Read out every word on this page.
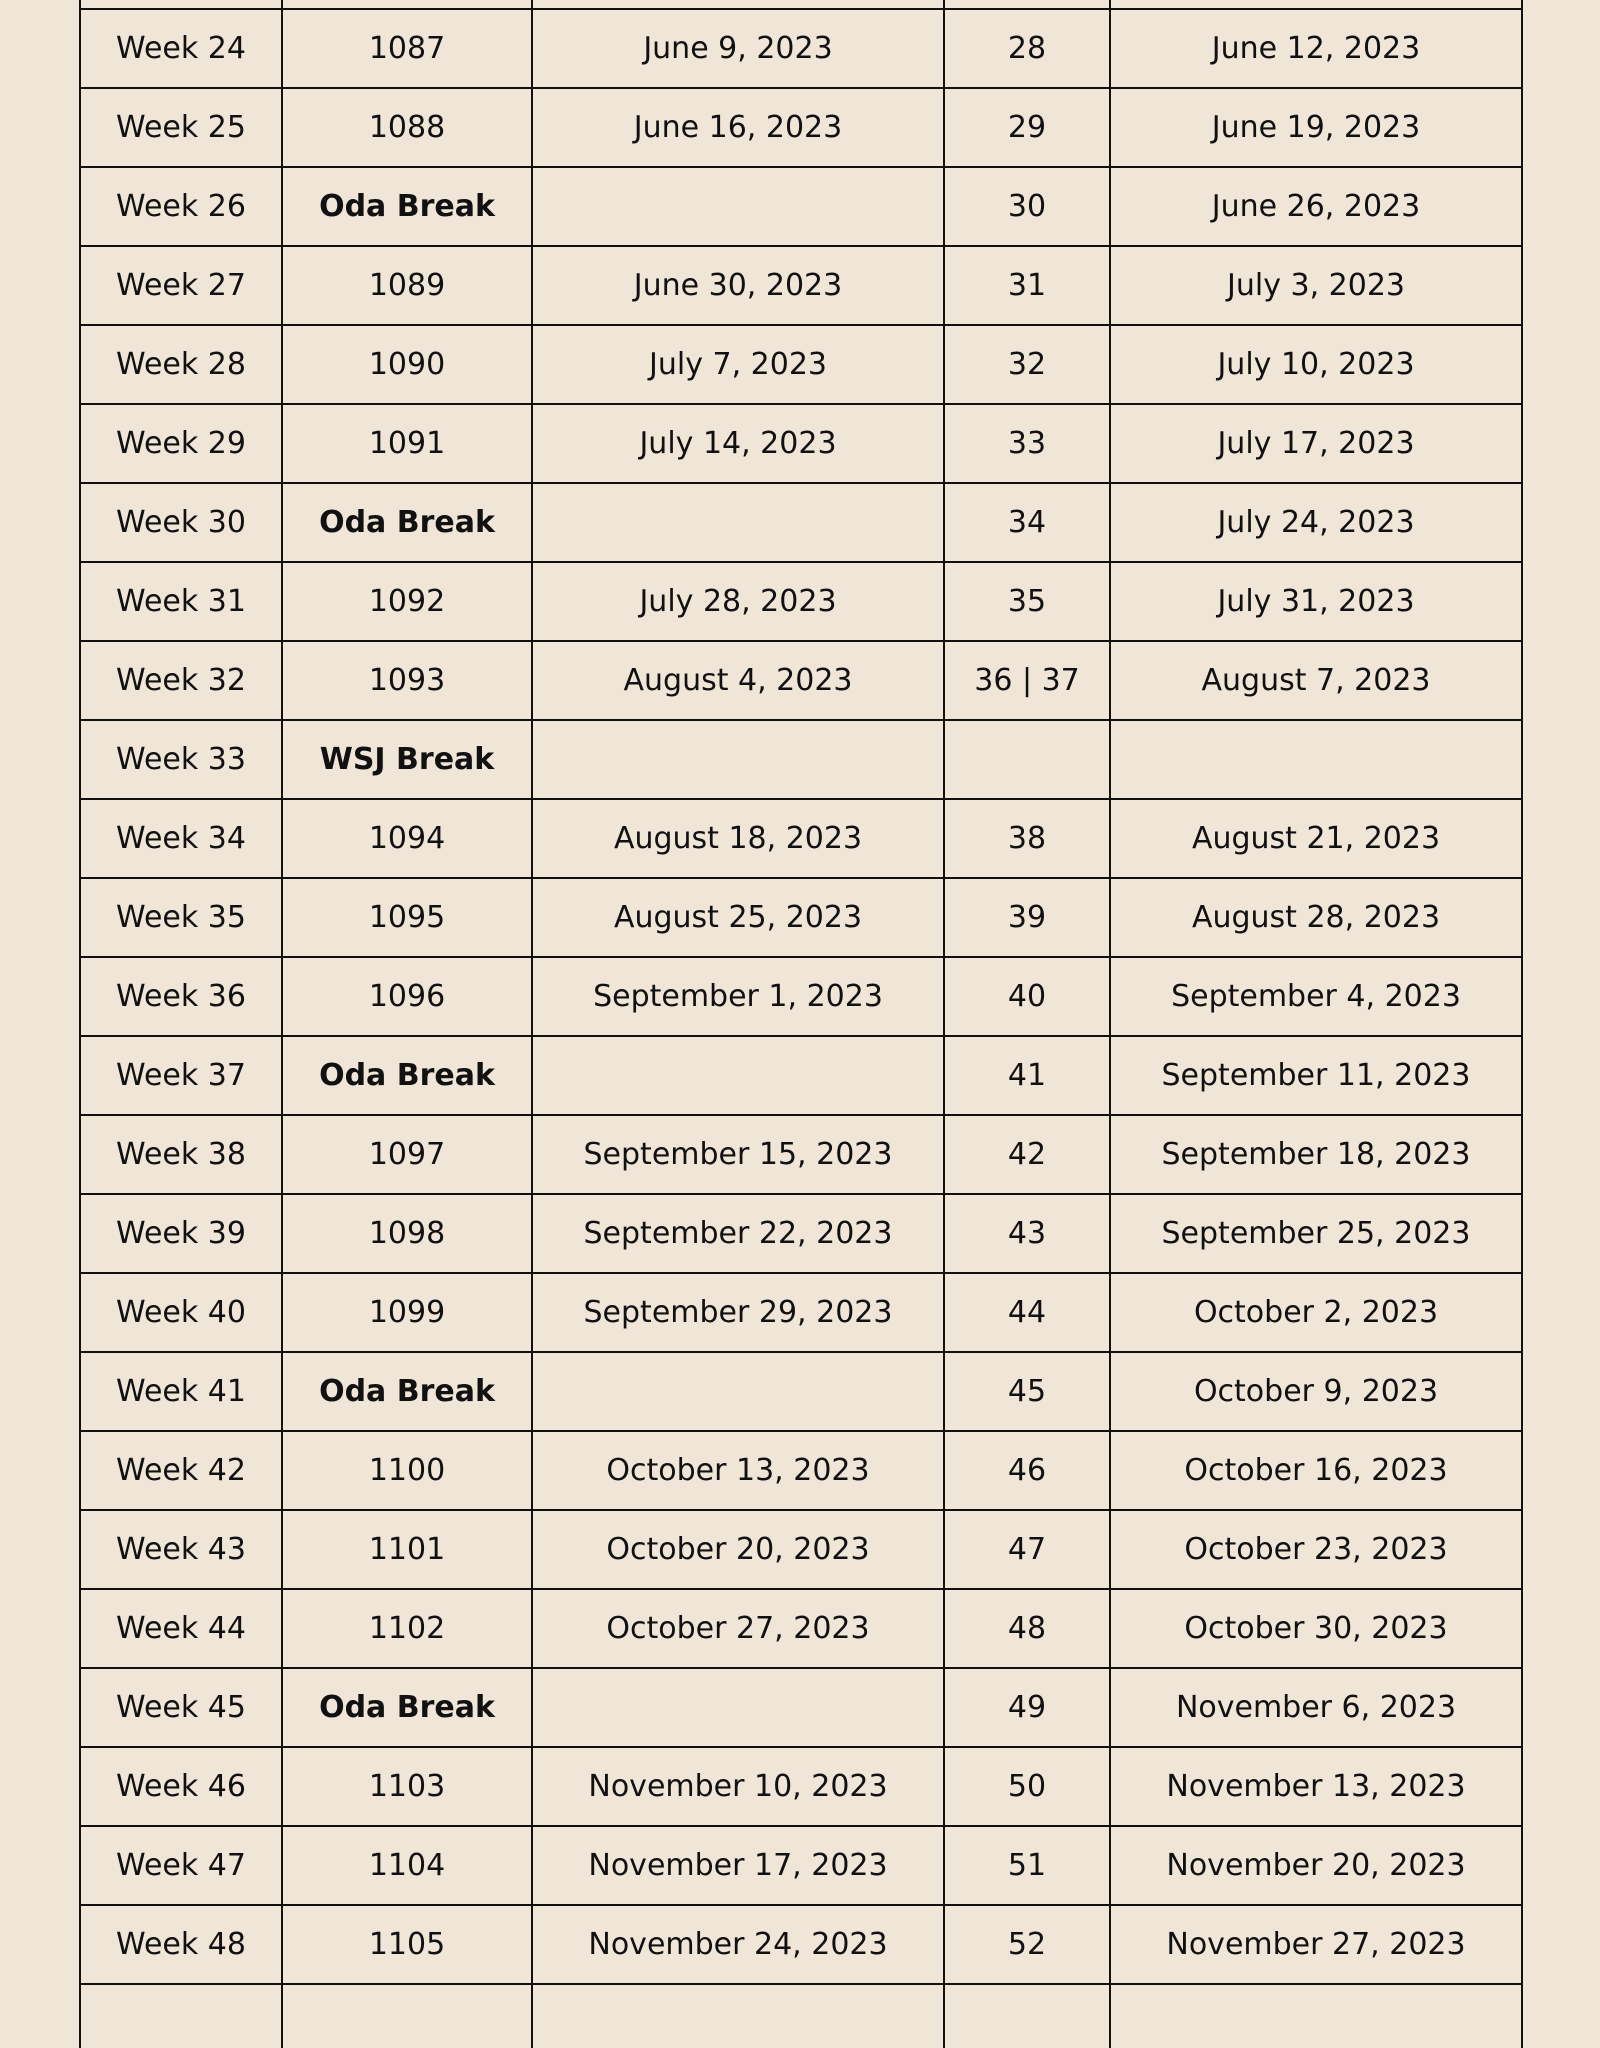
Week 24	1087	June 9, 2023	28	June 12, 2023
Week 25	1088	June 16, 2023	29	June 19, 2023
Week 26	Oda Break		30	June 26, 2023
Week 27	1089	June 30, 2023	31	July 3, 2023
Week 28	1090	July 7, 2023	32	July 10, 2023
Week 29	1091	July 14, 2023	33	July 17, 2023
Week 30	Oda Break		34	July 24, 2023
Week 31	1092	July 28, 2023	35	July 31, 2023
Week 32	1093	August 4, 2023	36 | 37	August 7, 2023
Week 33	WSJ Break			
Week 34	1094	August 18, 2023	38	August 21, 2023
Week 35	1095	August 25, 2023	39	August 28, 2023
Week 36	1096	September 1, 2023	40	September 4, 2023
Week 37	Oda Break		41	September 11, 2023
Week 38	1097	September 15, 2023	42	September 18, 2023
Week 39	1098	September 22, 2023	43	September 25, 2023
Week 40	1099	September 29, 2023	44	October 2, 2023
Week 41	Oda Break		45	October 9, 2023
Week 42	1100	October 13, 2023	46	October 16, 2023
Week 43	1101	October 20, 2023	47	October 23, 2023
Week 44	1102	October 27, 2023	48	October 30, 2023
Week 45	Oda Break		49	November 6, 2023
Week 46	1103	November 10, 2023	50	November 13, 2023
Week 47	1104	November 17, 2023	51	November 20, 2023
Week 48	1105	November 24, 2023	52	November 27, 2023
